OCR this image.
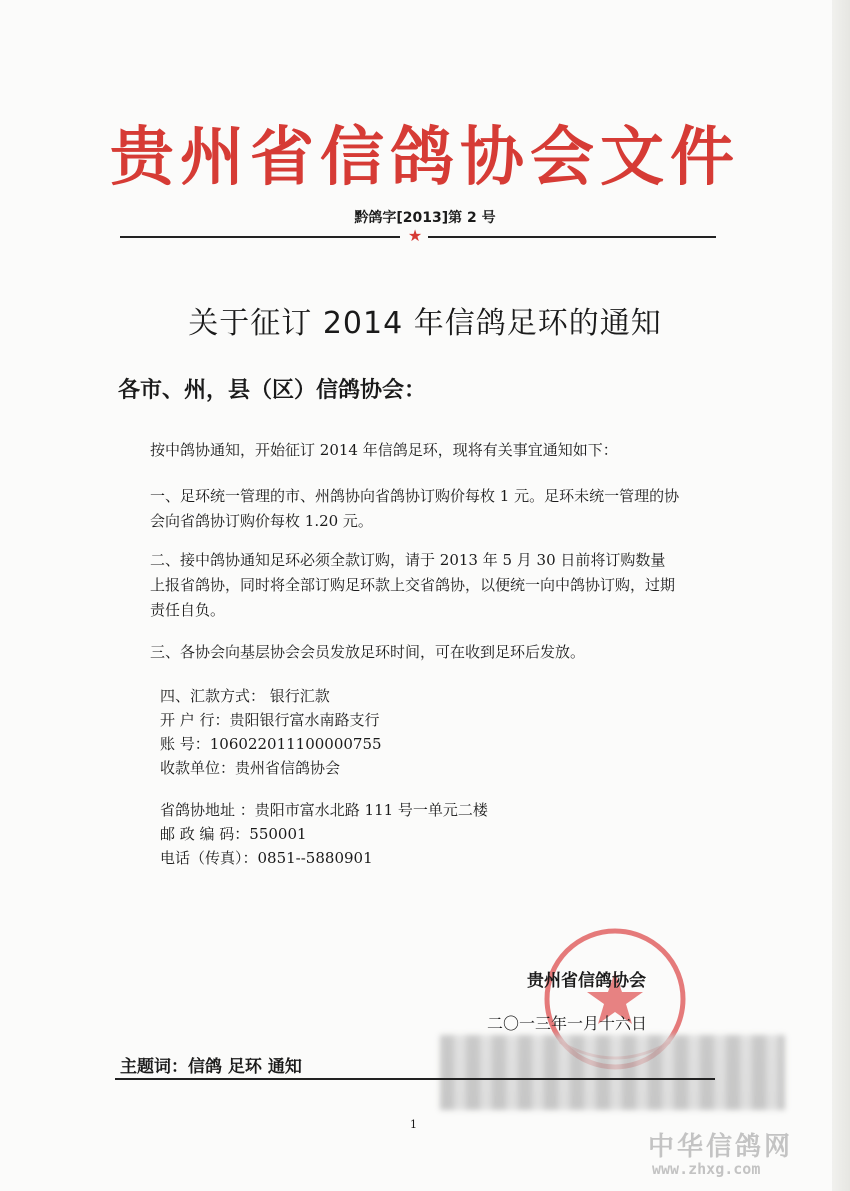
贵州省信鸽协会文件
黔鸽字[2013]第 2 号
★
关于征订 2014 年信鸽足环的通知
各市、州，县（区）信鸽协会：
按中鸽协通知，开始征订 2014 年信鸽足环，现将有关事宜通知如下：
一、足环统一管理的市、州鸽协向省鸽协订购价每枚 1 元。足环未统一管理的协会向省鸽协订购价每枚 1.20 元。
二、接中鸽协通知足环必须全款订购，请于 2013 年 5 月 30 日前将订购数量上报省鸽协，同时将全部订购足环款上交省鸽协，以便统一向中鸽协订购，过期责任自负。
三、各协会向基层协会会员发放足环时间，可在收到足环后发放。
四、汇款方式： 银行汇款
开 户 行：贵阳银行富水南路支行
账 号：106022011100000755
收款单位：贵州省信鸽协会
省鸽协地址 ：贵阳市富水北路 111 号一单元二楼
邮 政 编 码：550001
电话（传真）：0851--5880901
贵州省信鸽协会
二〇一三年一月十六日
主题词：信鸽 足环 通知
1
中华信鸽网
www.zhxg.com
